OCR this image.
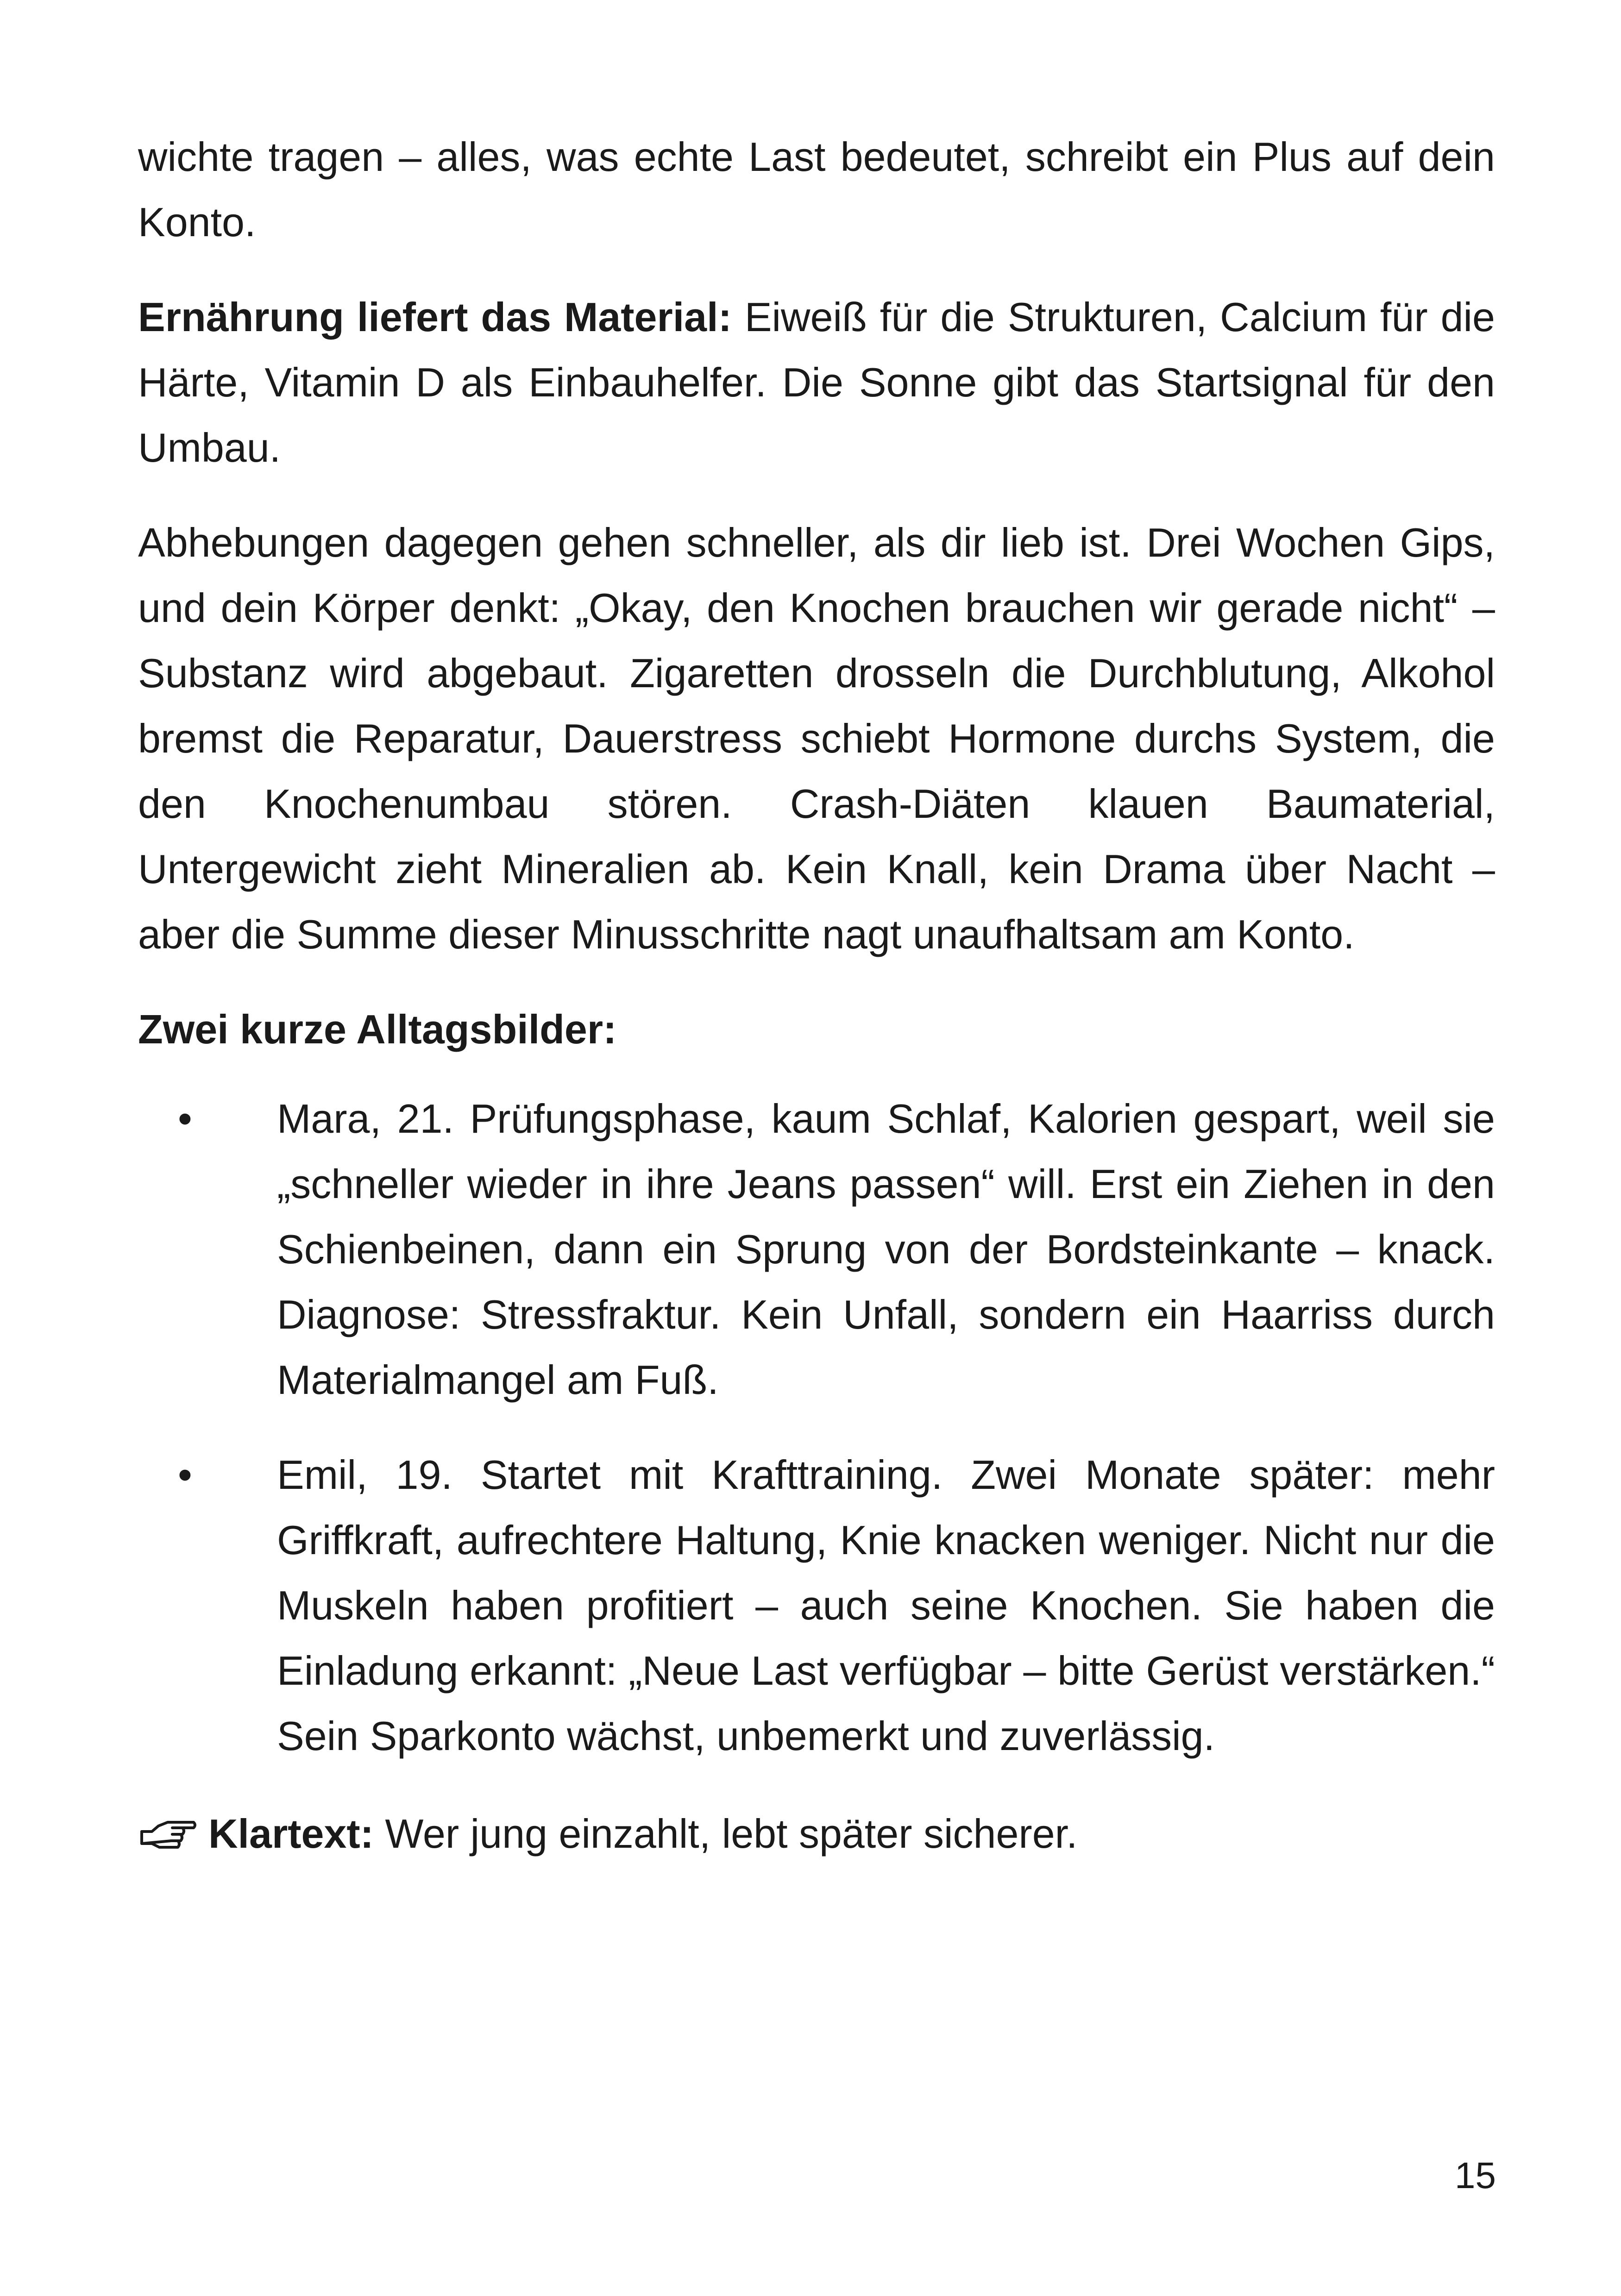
wichte tragen – alles, was echte Last bedeutet, schreibt ein Plus auf dein Konto.

Ernährung liefert das Material: Eiweiß für die Strukturen, Calcium für die Härte, Vitamin D als Einbauhelfer. Die Sonne gibt das Startsignal für den Umbau.

Abhebungen dagegen gehen schneller, als dir lieb ist. Drei Wochen Gips, und dein Körper denkt: „Okay, den Knochen brauchen wir gerade nicht“ – Substanz wird abgebaut. Zigaretten drosseln die Durchblutung, Alkohol bremst die Reparatur, Dauerstress schiebt Hormone durchs System, die den Knochenumbau stören. Crash-Diäten klauen Baumaterial, Untergewicht zieht Mineralien ab. Kein Knall, kein Drama über Nacht – aber die Summe dieser Minusschritte nagt unaufhaltsam am Konto.

Zwei kurze Alltagsbilder:
•	Mara, 21. Prüfungsphase, kaum Schlaf, Kalorien gespart, weil sie „schneller wieder in ihre Jeans passen“ will. Erst ein Ziehen in den Schienbeinen, dann ein Sprung von der Bordsteinkante – knack. Diagnose: Stressfraktur. Kein Unfall, sondern ein Haarriss durch Materialmangel am Fuß.
•	Emil, 19. Startet mit Krafttraining. Zwei Monate später: mehr Griffkraft, aufrechtere Haltung, Knie knacken weniger. Nicht nur die Muskeln haben profitiert – auch seine Knochen. Sie haben die Einladung erkannt: „Neue Last verfügbar – bitte Gerüst verstärken.“ Sein Sparkonto wächst, unbemerkt und zuverlässig.
Klartext: Wer jung einzahlt, lebt später sicherer.
15
